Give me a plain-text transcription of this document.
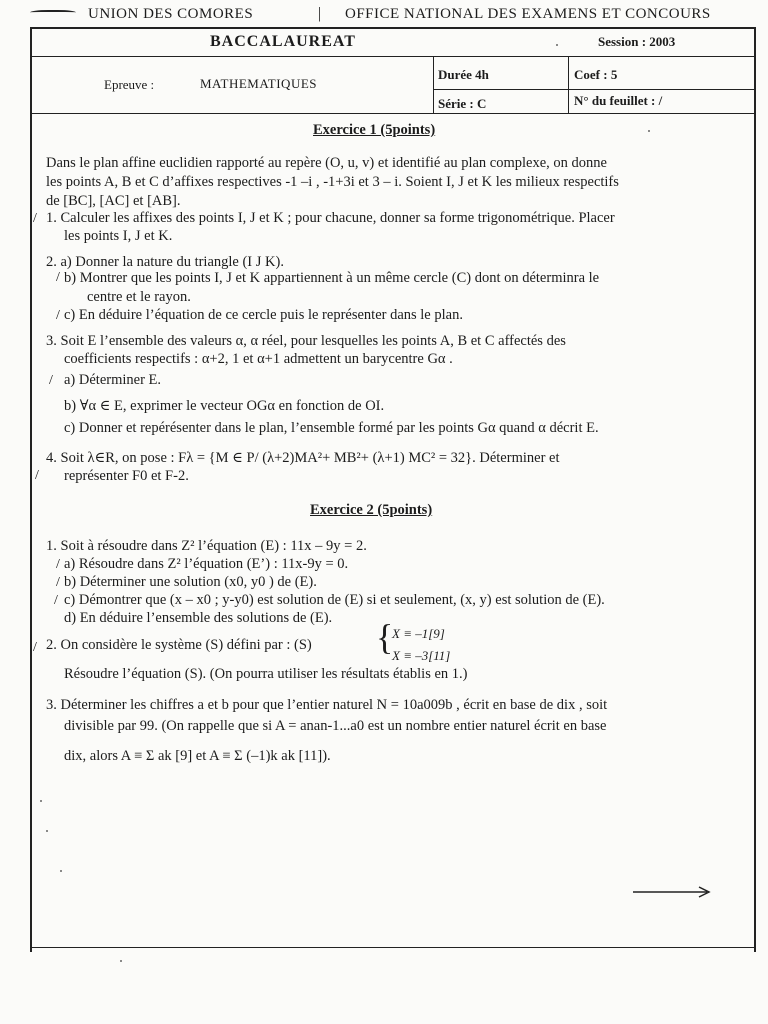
UNION DES COMORES	| OFFICE NATIONAL DES EXAMENS ET CONCOURS
BACCALAUREAT	Session : 2003
Epreuve :	MATHEMATIQUES
Durée 4h	Coef : 5
Série : C	N° du feuillet : /
Exercice 1 (5points)
Dans le plan affine euclidien rapporté au repère (O, u, v) et identifié au plan complexe, on donne
les points A, B et C d’affixes respectives -1 –i , -1+3i et 3 – i. Soient I, J et K les milieux respectifs
de [BC], [AC] et [AB].
/ 1. Calculer les affixes des points I, J et K ; pour chacune, donner sa forme trigonométrique. Placer
les points I, J et K.
2. a) Donner la nature du triangle (I J K).
/ b) Montrer que les points I, J et K appartiennent à un même cercle (C) dont on déterminra le
centre et le rayon.
/ c) En déduire l’équation de ce cercle puis le représenter dans le plan.
3. Soit E l’ensemble des valeurs α, α réel, pour lesquelles les points A, B et C affectés des
coefficients respectifs : α+2, 1 et α+1 admettent un barycentre Gα .
/ a) Déterminer E.
b) ∀α ∈ E, exprimer le vecteur OGα en fonction de OI.
c) Donner et repérésenter dans le plan, l’ensemble formé par les points Gα quand α décrit E.
4. Soit λ∈R, on pose : Fλ = {M ∈ P/ (λ+2)MA²+ MB²+ (λ+1) MC² = 32}. Déterminer et
/ représenter F0 et F-2.
Exercice 2 (5points)
1. Soit à résoudre dans Z² l’équation (E) : 11x – 9y = 2.
/ a) Résoudre dans Z² l’équation (E’) : 11x-9y = 0.
/ b) Déterminer une solution (x0, y0 ) de (E).
/ c) Démontrer que (x – x0 ; y-y0) est solution de (E) si et seulement, (x, y) est solution de (E).
d) En déduire l’ensemble des solutions de (E).
/ 2. On considère le système (S) défini par : (S) {
X ≡ –1[9]
X ≡ –3[11]
Résoudre l’équation (S). (On pourra utiliser les résultats établis en 1.)
3. Déterminer les chiffres a et b pour que l’entier naturel N = 10a009b , écrit en base de dix , soit
divisible par 99. (On rappelle que si A = anan-1...a0 est un nombre entier naturel écrit en base
dix, alors A ≡ Σ ak [9] et A ≡ Σ (–1)k ak [11]).
